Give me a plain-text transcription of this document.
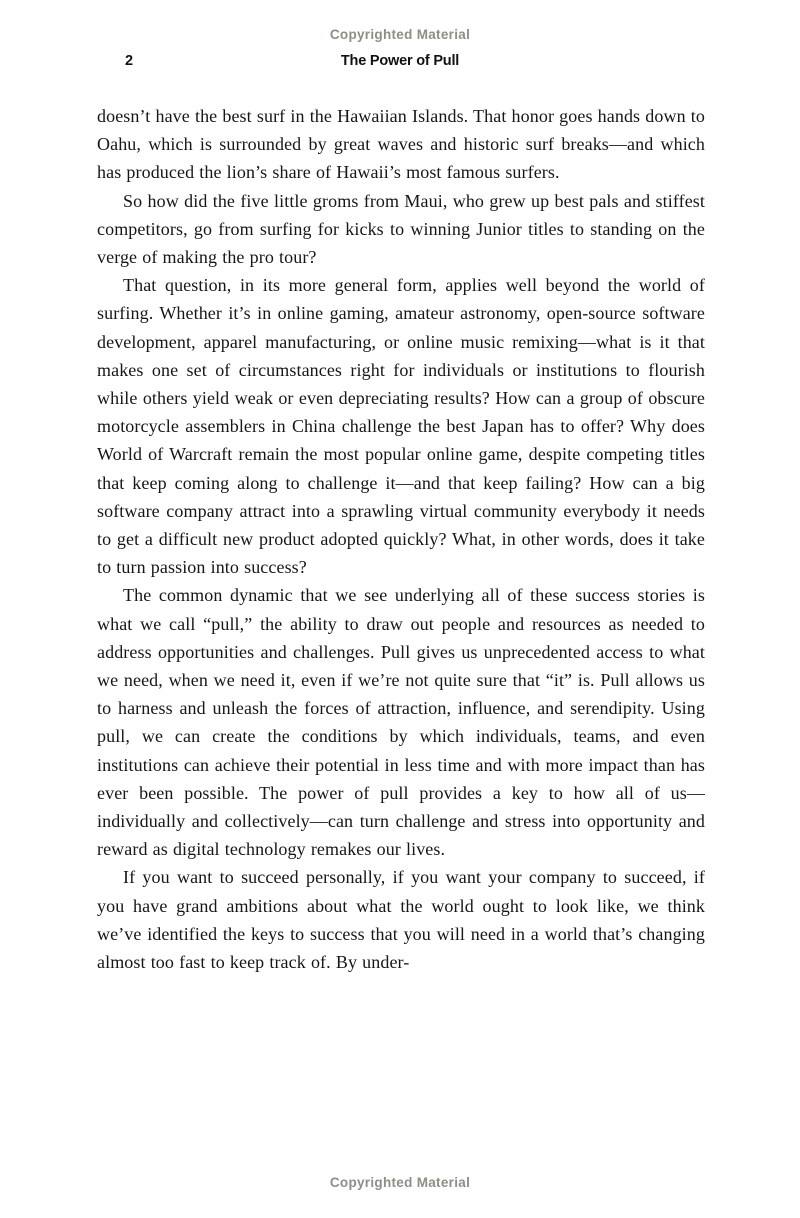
Copyrighted Material
2	The Power of Pull

doesn’t have the best surf in the Hawaiian Islands. That honor goes hands down to Oahu, which is surrounded by great waves and historic surf breaks—and which has produced the lion’s share of Hawaii’s most famous surfers.

So how did the five little groms from Maui, who grew up best pals and stiffest competitors, go from surfing for kicks to winning Junior titles to standing on the verge of making the pro tour?

That question, in its more general form, applies well beyond the world of surfing. Whether it’s in online gaming, amateur astronomy, open-source software development, apparel manufacturing, or online music remixing—what is it that makes one set of circumstances right for individuals or institutions to flourish while others yield weak or even depreciating results? How can a group of obscure motorcycle assemblers in China challenge the best Japan has to offer? Why does World of Warcraft remain the most popular online game, despite competing titles that keep coming along to challenge it—and that keep failing? How can a big software company attract into a sprawling virtual community everybody it needs to get a difficult new product adopted quickly? What, in other words, does it take to turn passion into success?

The common dynamic that we see underlying all of these success stories is what we call “pull,” the ability to draw out people and resources as needed to address opportunities and challenges. Pull gives us unprecedented access to what we need, when we need it, even if we’re not quite sure that “it” is. Pull allows us to harness and unleash the forces of attraction, influence, and serendipity. Using pull, we can create the conditions by which individuals, teams, and even institutions can achieve their potential in less time and with more impact than has ever been possible. The power of pull provides a key to how all of us—individually and collectively—can turn challenge and stress into opportunity and reward as digital technology remakes our lives.

If you want to succeed personally, if you want your company to succeed, if you have grand ambitions about what the world ought to look like, we think we’ve identified the keys to success that you will need in a world that’s changing almost too fast to keep track of. By under-

Copyrighted Material
